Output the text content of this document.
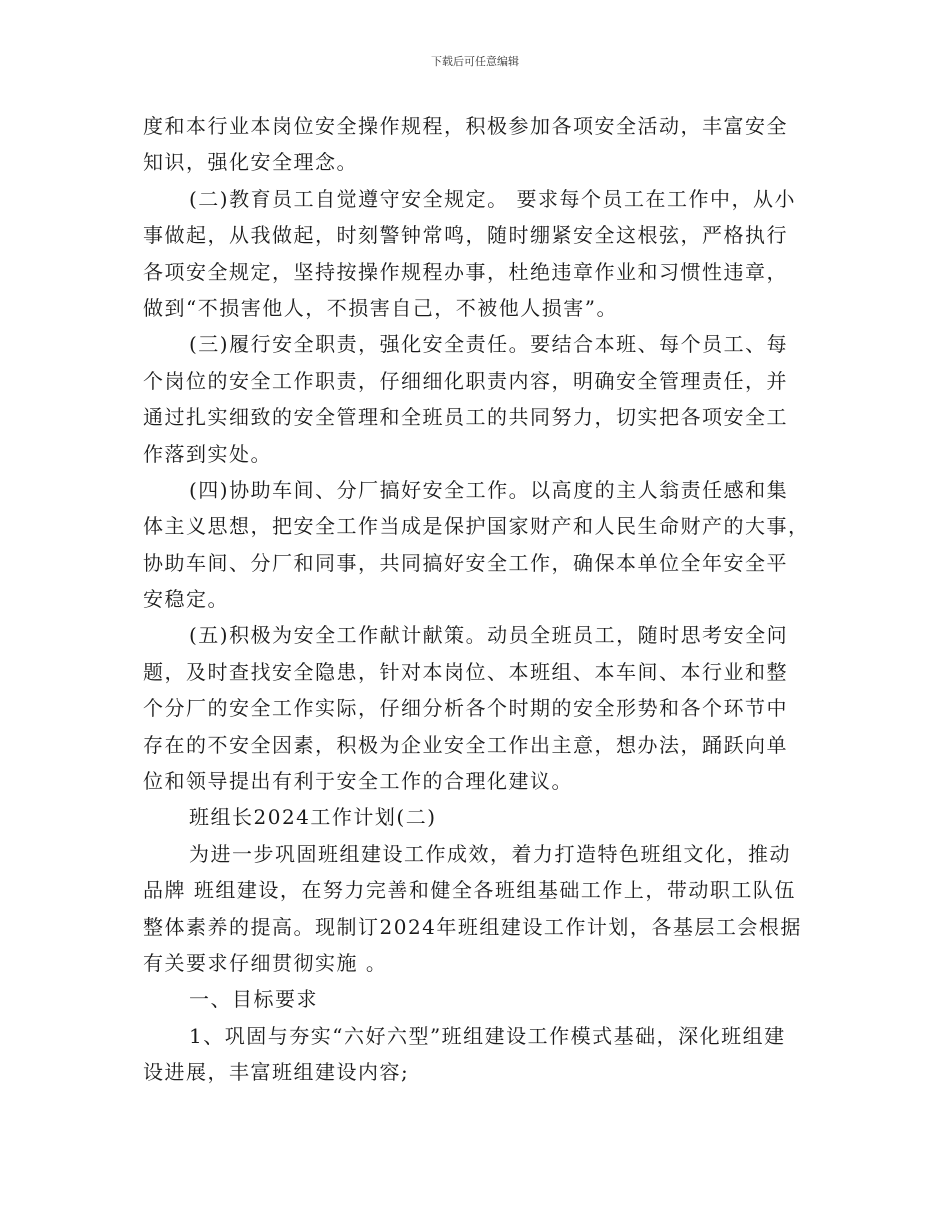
下载后可任意编辑
度和本行业本岗位安全操作规程，积极参加各项安全活动，丰富安全
知识，强化安全理念。
(二)教育员工自觉遵守安全规定。 要求每个员工在工作中，从小
事做起，从我做起，时刻警钟常鸣，随时绷紧安全这根弦，严格执行
各项安全规定，坚持按操作规程办事，杜绝违章作业和习惯性违章，
做到“不损害他人，不损害自己，不被他人损害”。
(三)履行安全职责，强化安全责任。要结合本班、每个员工、每
个岗位的安全工作职责，仔细细化职责内容，明确安全管理责任，并
通过扎实细致的安全管理和全班员工的共同努力，切实把各项安全工
作落到实处。
(四)协助车间、分厂搞好安全工作。以高度的主人翁责任感和集
体主义思想，把安全工作当成是保护国家财产和人民生命财产的大事，
协助车间、分厂和同事，共同搞好安全工作，确保本单位全年安全平
安稳定。
(五)积极为安全工作献计献策。动员全班员工，随时思考安全问
题，及时查找安全隐患，针对本岗位、本班组、本车间、本行业和整
个分厂的安全工作实际，仔细分析各个时期的安全形势和各个环节中
存在的不安全因素，积极为企业安全工作出主意，想办法，踊跃向单
位和领导提出有利于安全工作的合理化建议。
班组长2024工作计划(二)
为进一步巩固班组建设工作成效，着力打造特色班组文化，推动
品牌 班组建设，在努力完善和健全各班组基础工作上，带动职工队伍
整体素养的提高。现制订2024年班组建设工作计划，各基层工会根据
有关要求仔细贯彻实施 。
一、目标要求
1、巩固与夯实“六好六型”班组建设工作模式基础，深化班组建
设进展，丰富班组建设内容;
